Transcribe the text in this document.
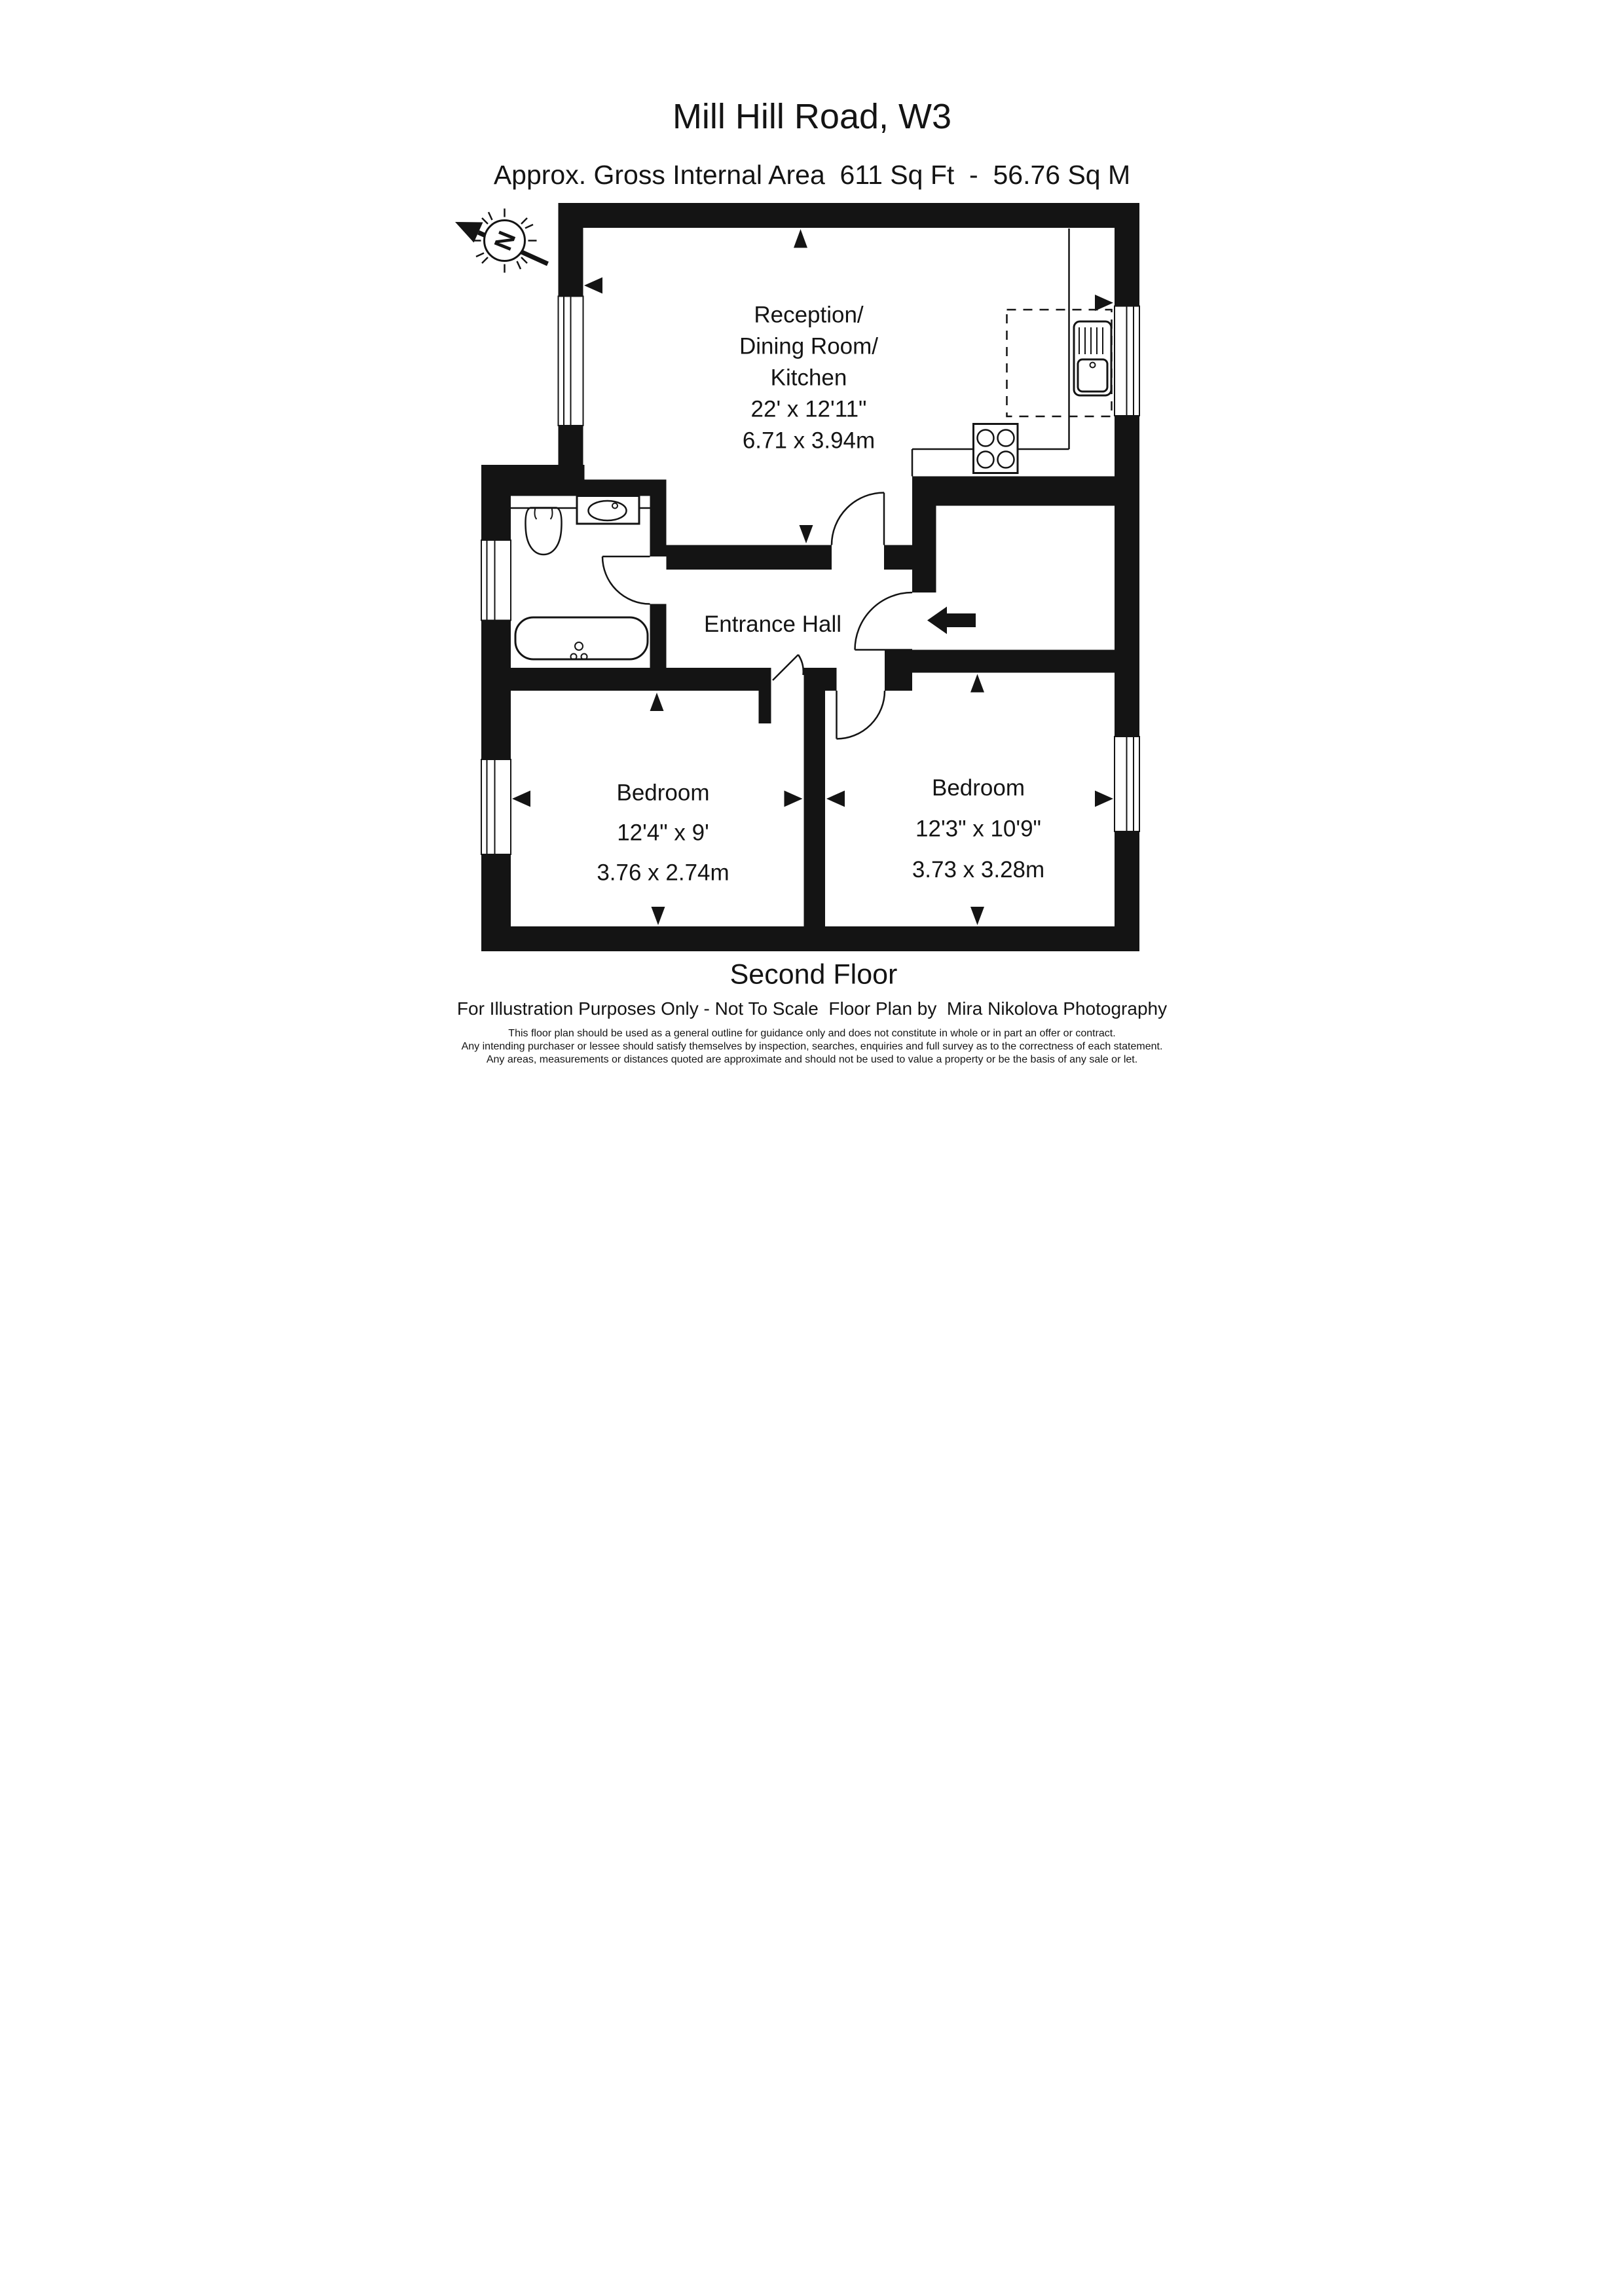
Mill Hill Road, W3
Approx. Gross Internal Area  611 Sq Ft  -  56.76 Sq M
N
Reception/
Dining Room/
Kitchen
22' x 12'11"
6.71 x 3.94m
Entrance Hall
Bedroom
12'4" x 9'
3.76 x 2.74m
Bedroom
12'3" x 10'9"
3.73 x 3.28m
Second Floor
For Illustration Purposes Only - Not To Scale  Floor Plan by  Mira Nikolova Photography
This floor plan should be used as a general outline for guidance only and does not constitute in whole or in part an offer or contract.
Any intending purchaser or lessee should satisfy themselves by inspection, searches, enquiries and full survey as to the correctness of each statement.
Any areas, measurements or distances quoted are approximate and should not be used to value a property or be the basis of any sale or let.
